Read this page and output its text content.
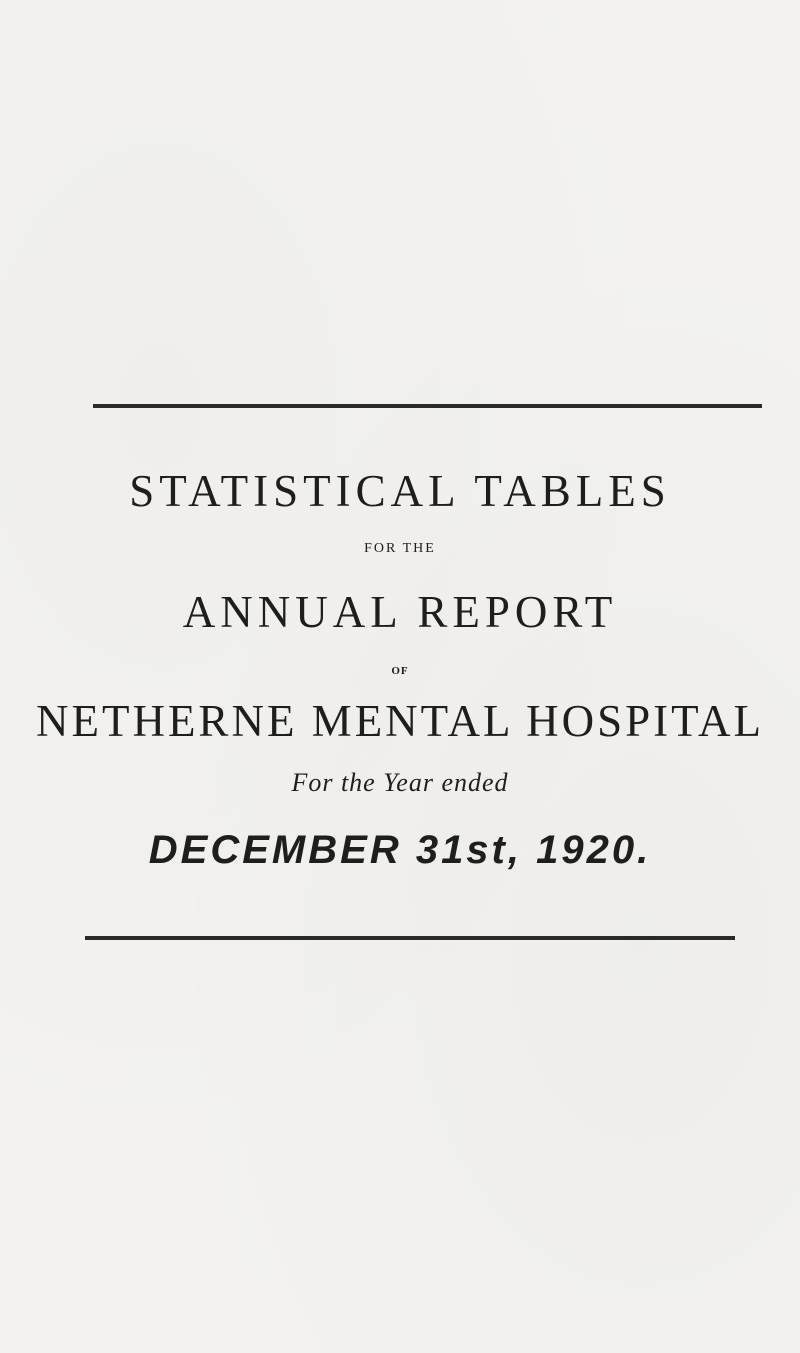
STATISTICAL TABLES
FOR THE
ANNUAL REPORT
OF
NETHERNE MENTAL HOSPITAL
For the Year ended
DECEMBER 31st, 1920.
